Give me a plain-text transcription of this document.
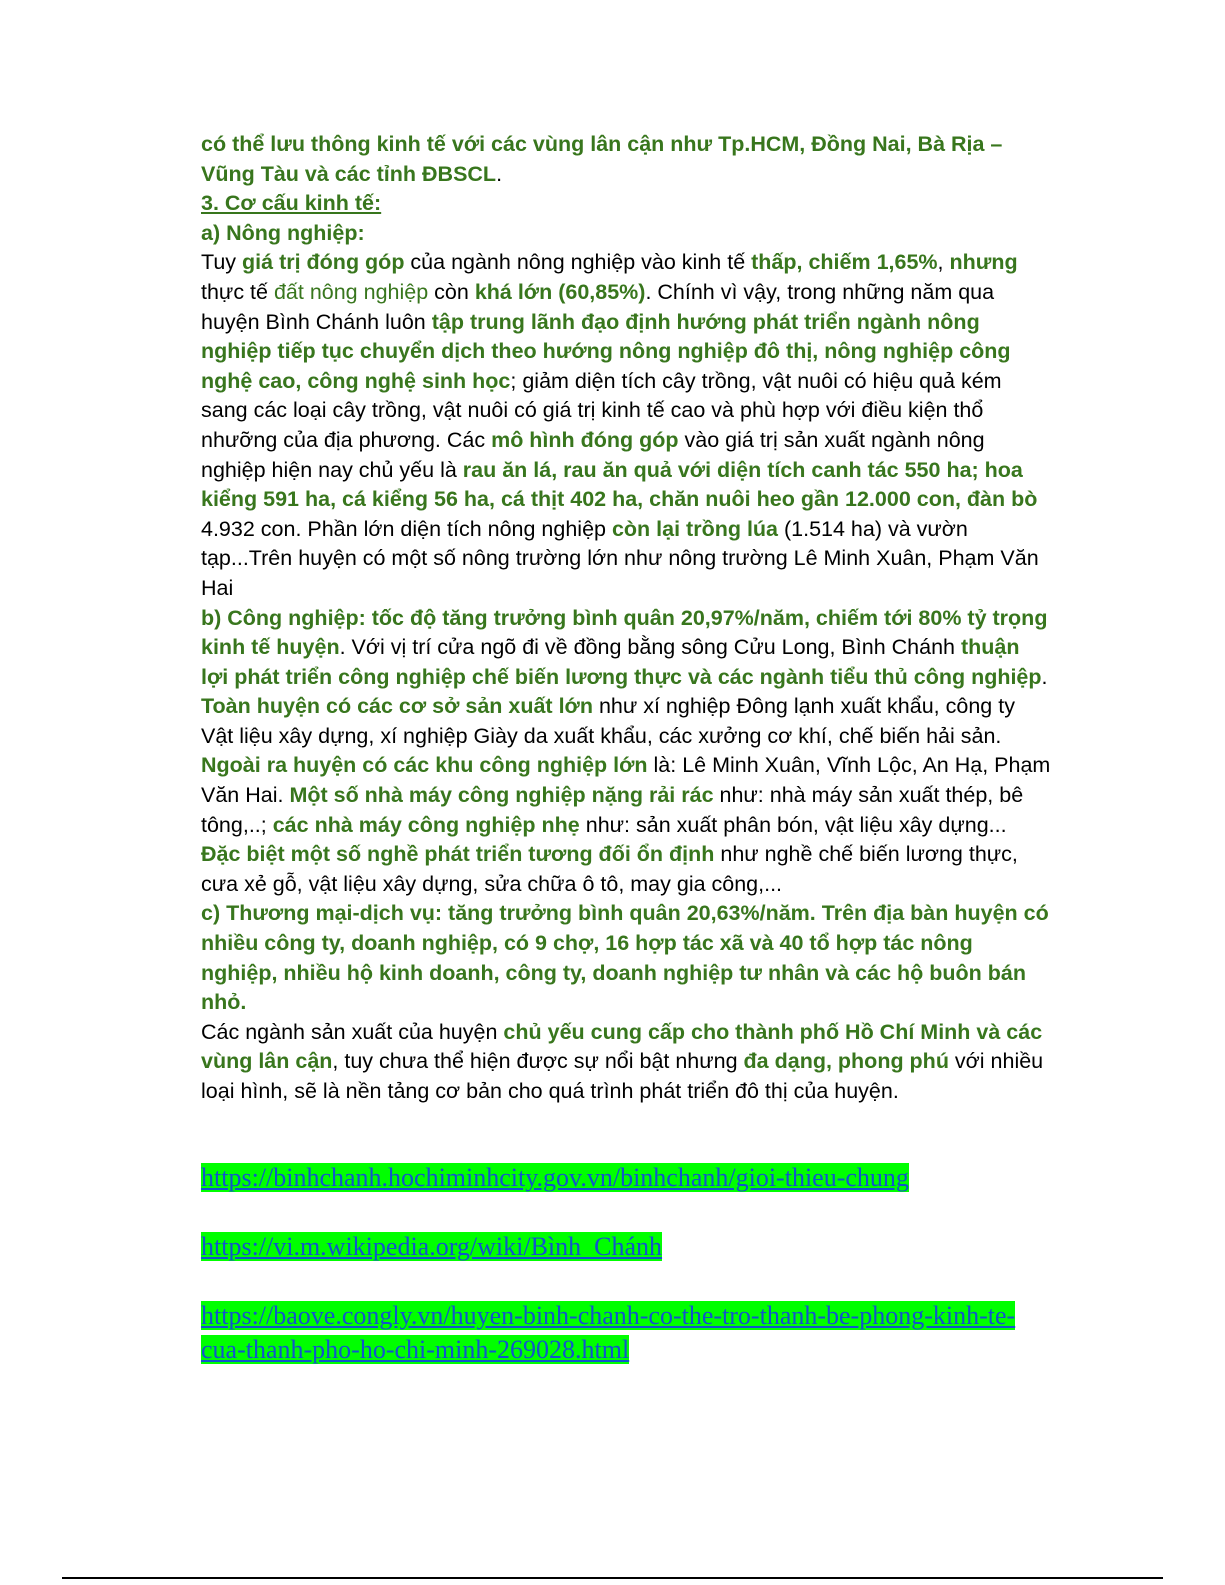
có thể lưu thông kinh tế với các vùng lân cận như Tp.HCM, Đồng Nai, Bà Rịa – Vũng Tàu và các tỉnh ĐBSCL.

3. Cơ cấu kinh tế:

a) Nông nghiệp:

Tuy giá trị đóng góp của ngành nông nghiệp vào kinh tế thấp, chiếm 1,65%, nhưng thực tế đất nông nghiệp còn khá lớn (60,85%). Chính vì vậy, trong những năm qua huyện Bình Chánh luôn tập trung lãnh đạo định hướng phát triển ngành nông nghiệp tiếp tục chuyển dịch theo hướng nông nghiệp đô thị, nông nghiệp công nghệ cao, công nghệ sinh học; giảm diện tích cây trồng, vật nuôi có hiệu quả kém sang các loại cây trồng, vật nuôi có giá trị kinh tế cao và phù hợp với điều kiện thổ nhưỡng của địa phương. Các mô hình đóng góp vào giá trị sản xuất ngành nông nghiệp hiện nay chủ yếu là rau ăn lá, rau ăn quả với diện tích canh tác 550 ha; hoa kiểng 591 ha, cá kiểng 56 ha, cá thịt 402 ha, chăn nuôi heo gần 12.000 con, đàn bò 4.932 con. Phần lớn diện tích nông nghiệp còn lại trồng lúa (1.514 ha) và vườn tạp...Trên huyện có một số nông trường lớn như nông trường Lê Minh Xuân, Phạm Văn Hai

b) Công nghiệp: tốc độ tăng trưởng bình quân 20,97%/năm, chiếm tới 80% tỷ trọng kinh tế huyện. Với vị trí cửa ngõ đi về đồng bằng sông Cửu Long, Bình Chánh thuận lợi phát triển công nghiệp chế biến lương thực và các ngành tiểu thủ công nghiệp. Toàn huyện có các cơ sở sản xuất lớn như xí nghiệp Đông lạnh xuất khẩu, công ty Vật liệu xây dựng, xí nghiệp Giày da xuất khẩu, các xưởng cơ khí, chế biến hải sản. Ngoài ra huyện có các khu công nghiệp lớn là: Lê Minh Xuân, Vĩnh Lộc, An Hạ, Phạm Văn Hai. Một số nhà máy công nghiệp nặng rải rác như: nhà máy sản xuất thép, bê tông,..; các nhà máy công nghiệp nhẹ như: sản xuất phân bón, vật liệu xây dựng... Đặc biệt một số nghề phát triển tương đối ổn định như nghề chế biến lương thực, cưa xẻ gỗ, vật liệu xây dựng, sửa chữa ô tô, may gia công,...

c) Thương mại-dịch vụ: tăng trưởng bình quân 20,63%/năm. Trên địa bàn huyện có nhiều công ty, doanh nghiệp, có 9 chợ, 16 hợp tác xã và 40 tổ hợp tác nông nghiệp, nhiều hộ kinh doanh, công ty, doanh nghiệp tư nhân và các hộ buôn bán nhỏ.

Các ngành sản xuất của huyện chủ yếu cung cấp cho thành phố Hồ Chí Minh và các vùng lân cận, tuy chưa thể hiện được sự nổi bật nhưng đa dạng, phong phú với nhiều loại hình, sẽ là nền tảng cơ bản cho quá trình phát triển đô thị của huyện.

https://binhchanh.hochiminhcity.gov.vn/binhchanh/gioi-thieu-chung

https://vi.m.wikipedia.org/wiki/Bình_Chánh

https://baove.congly.vn/huyen-binh-chanh-co-the-tro-thanh-be-phong-kinh-te-cua-thanh-pho-ho-chi-minh-269028.html
